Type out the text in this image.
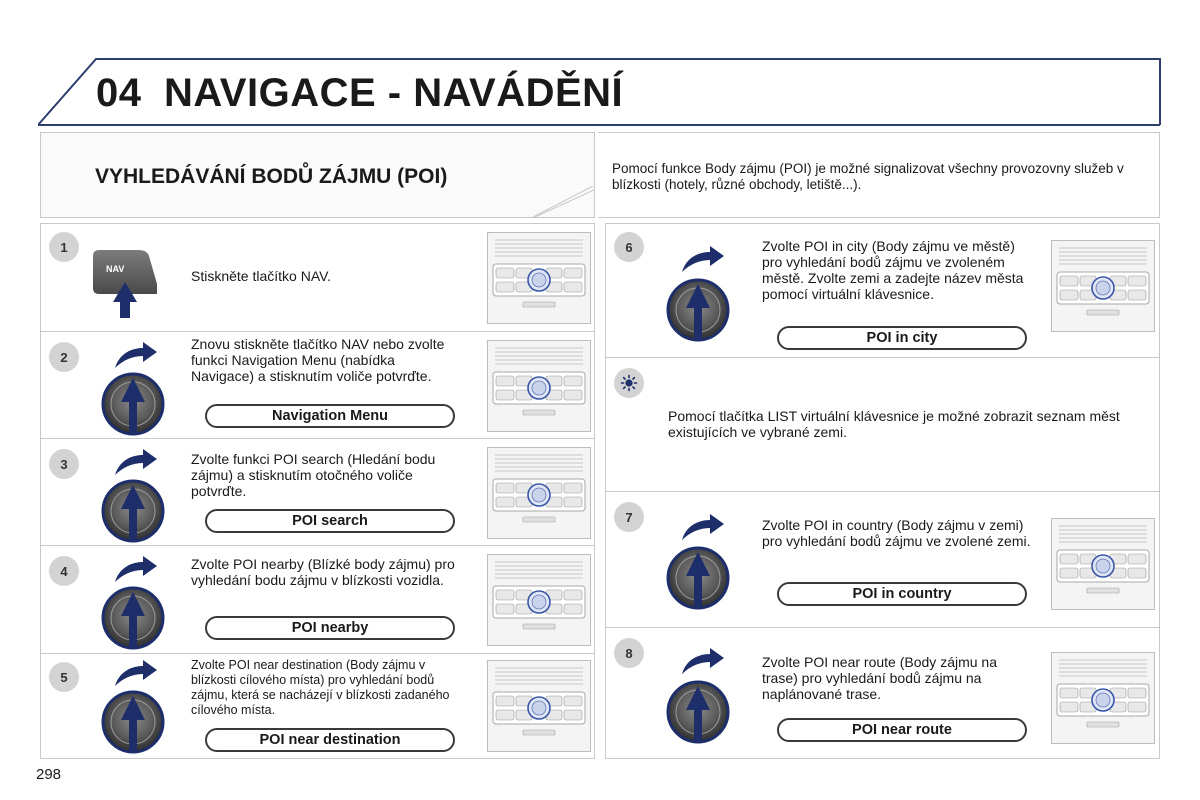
04 NAVIGACE - NAVÁDĚNÍ
VYHLEDÁVÁNÍ BODŮ ZÁJMU (POI)	Pomocí funkce Body zájmu (POI) je možné signalizovat všechny provozovny služeb v blízkosti (hotely, různé obchody, letiště...).
1
NAV	Stiskněte tlačítko NAV.
2
Znovu stiskněte tlačítko NAV nebo zvolte funkci Navigation Menu (nabídka Navigace) a stisknutím voliče potvrďte.
Navigation Menu
3	Zvolte funkci POI search (Hledání bodu zájmu) a stisknutím otočného voliče potvrďte.
POI search
4	Zvolte POI nearby (Blízké body zájmu) pro vyhledání bodu zájmu v blízkosti vozidla.
POI nearby
5
Zvolte POI near destination (Body zájmu v blízkosti cílového místa) pro vyhledání bodů zájmu, která se nacházejí v blízkosti zadaného cílového místa.
POI near destination
6	Zvolte POI in city (Body zájmu ve městě) pro vyhledání bodů zájmu ve zvoleném městě. Zvolte zemi a zadejte název města pomocí virtuální klávesnice.
POI in city
Pomocí tlačítka LIST virtuální klávesnice je možné zobrazit seznam měst existujících ve vybrané zemi.
7	Zvolte POI in country (Body zájmu v zemi) pro vyhledání bodů zájmu ve zvolené zemi.
POI in country
8
Zvolte POI near route (Body zájmu na trase) pro vyhledání bodů zájmu na naplánované trase.
POI near route
298
